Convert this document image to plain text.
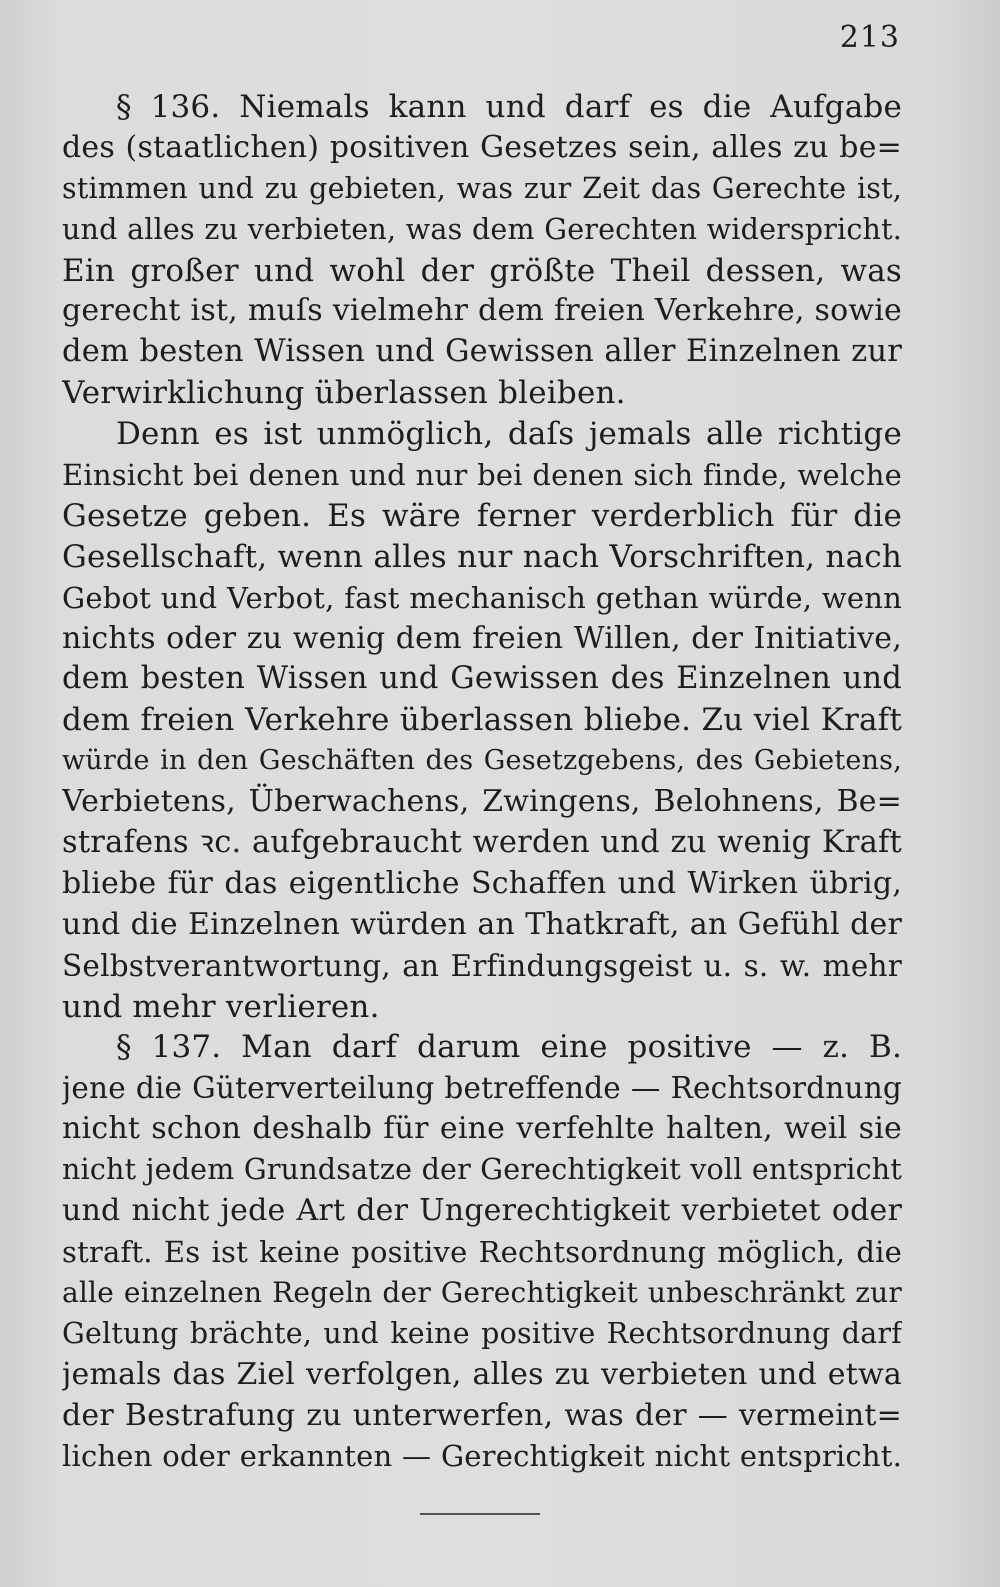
213
§ 136. Niemals kann und darf es die Aufgabe
des (staatlichen) positiven Gesetzes sein, alles zu be=
stimmen und zu gebieten, was zur Zeit das Gerechte ist,
und alles zu verbieten, was dem Gerechten widerspricht.
Ein großer und wohl der größte Theil dessen, was
gerecht ist, muſs vielmehr dem freien Verkehre, sowie
dem besten Wissen und Gewissen aller Einzelnen zur
Verwirklichung überlassen bleiben.
Denn es ist unmöglich, daſs jemals alle richtige
Einsicht bei denen und nur bei denen sich finde, welche
Gesetze geben. Es wäre ferner verderblich für die
Gesellschaft, wenn alles nur nach Vorschriften, nach
Gebot und Verbot, fast mechanisch gethan würde, wenn
nichts oder zu wenig dem freien Willen, der Initiative,
dem besten Wissen und Gewissen des Einzelnen und
dem freien Verkehre überlassen bliebe. Zu viel Kraft
würde in den Geschäften des Gesetzgebens, des Gebietens,
Verbietens, Überwachens, Zwingens, Belohnens, Be=
strafens ꝛc. aufgebraucht werden und zu wenig Kraft
bliebe für das eigentliche Schaffen und Wirken übrig,
und die Einzelnen würden an Thatkraft, an Gefühl der
Selbstverantwortung, an Erfindungsgeist u. s. w. mehr
und mehr verlieren.
§ 137. Man darf darum eine positive — z. B.
jene die Güterverteilung betreffende — Rechtsordnung
nicht schon deshalb für eine verfehlte halten, weil sie
nicht jedem Grundsatze der Gerechtigkeit voll entspricht
und nicht jede Art der Ungerechtigkeit verbietet oder
straft. Es ist keine positive Rechtsordnung möglich, die
alle einzelnen Regeln der Gerechtigkeit unbeschränkt zur
Geltung brächte, und keine positive Rechtsordnung darf
jemals das Ziel verfolgen, alles zu verbieten und etwa
der Bestrafung zu unterwerfen, was der — vermeint=
lichen oder erkannten — Gerechtigkeit nicht entspricht.
